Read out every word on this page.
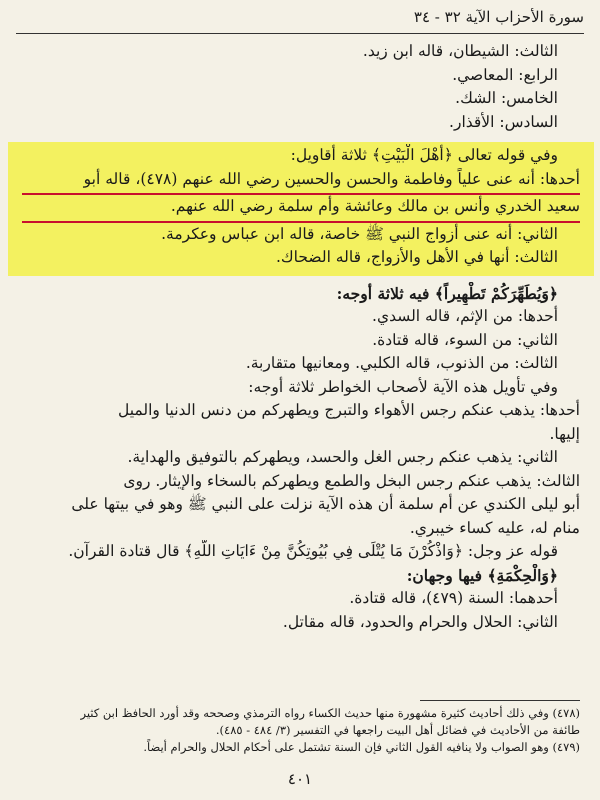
سورة الأحزاب الآية ٣٢ - ٣٤
الثالث: الشيطان، قاله ابن زيد.
الرابع: المعاصي.
الخامس: الشك.
السادس: الأقذار.
وفي قوله تعالى ﴿أَهْلَ الْبَيْتِ﴾ ثلاثة أقاويل:
أحدها: أنه عنى علياً وفاطمة والحسن والحسين رضي الله عنهم (٤٧٨)، قاله أبو
سعيد الخدري وأنس بن مالك وعائشة وأم سلمة رضي الله عنهم.
الثاني: أنه عنى أزواج النبي ﷺ خاصة، قاله ابن عباس وعكرمة.
الثالث: أنها في الأهل والأزواج، قاله الضحاك.
﴿وَيُطَهِّرَكُمْ تَطْهِيراً﴾ فيه ثلاثة أوجه:
أحدها: من الإثم، قاله السدي.
الثاني: من السوء، قاله قتادة.
الثالث: من الذنوب، قاله الكلبي. ومعانيها متقاربة.
وفي تأويل هذه الآية لأصحاب الخواطر ثلاثة أوجه:
أحدها: يذهب عنكم رجس الأهواء والتبرج ويطهركم من دنس الدنيا والميل
إليها.
الثاني: يذهب عنكم رجس الغل والحسد، ويطهركم بالتوفيق والهداية.
الثالث: يذهب عنكم رجس البخل والطمع ويطهركم بالسخاء والإيثار. روى
أبو ليلى الكندي عن أم سلمة أن هذه الآية نزلت على النبي ﷺ وهو في بيتها على
منام له، عليه كساء خيبري.
قوله عز وجل: ﴿وَاذْكُرْنَ مَا يُتْلَى فِي بُيُوتِكُنَّ مِنْ ءَايَاتِ اللَّهِ﴾ قال قتادة القرآن.
﴿وَالْحِكْمَةِ﴾ فيها وجهان:
أحدهما: السنة (٤٧٩)، قاله قتادة.
الثاني: الحلال والحرام والحدود، قاله مقاتل.
(٤٧٨) وفي ذلك أحاديث كثيرة مشهورة منها حديث الكساء رواه الترمذي وصححه وقد أورد الحافظ ابن كثير
طائفة من الأحاديث في فضائل أهل البيت راجعها في التفسير (٣/ ٤٨٤ - ٤٨٥).
(٤٧٩) وهو الصواب ولا ينافيه القول الثاني فإن السنة تشتمل على أحكام الحلال والحرام أيضاً.
٤٠١
